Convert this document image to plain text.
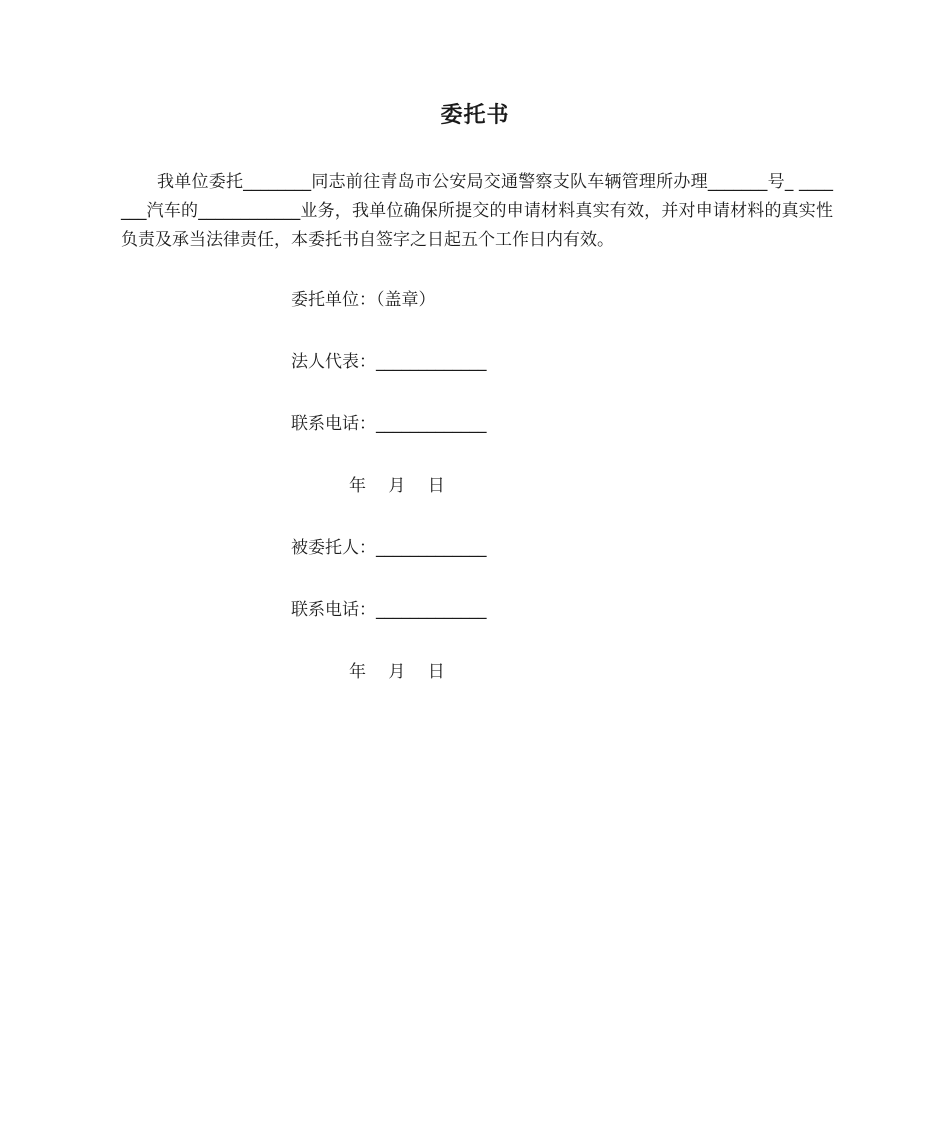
委托书
我单位委托________同志前往青岛市公安局交通警察支队车辆管理所办理_______号_ _______汽车的____________业务，我单位确保所提交的申请材料真实有效，并对申请材料的真实性负责及承当法律责任，本委托书自签字之日起五个工作日内有效。
委托单位：（盖章）
法人代表：_____________
联系电话：_____________
年　 月　 日
被委托人：_____________
联系电话：_____________
年　 月　 日
